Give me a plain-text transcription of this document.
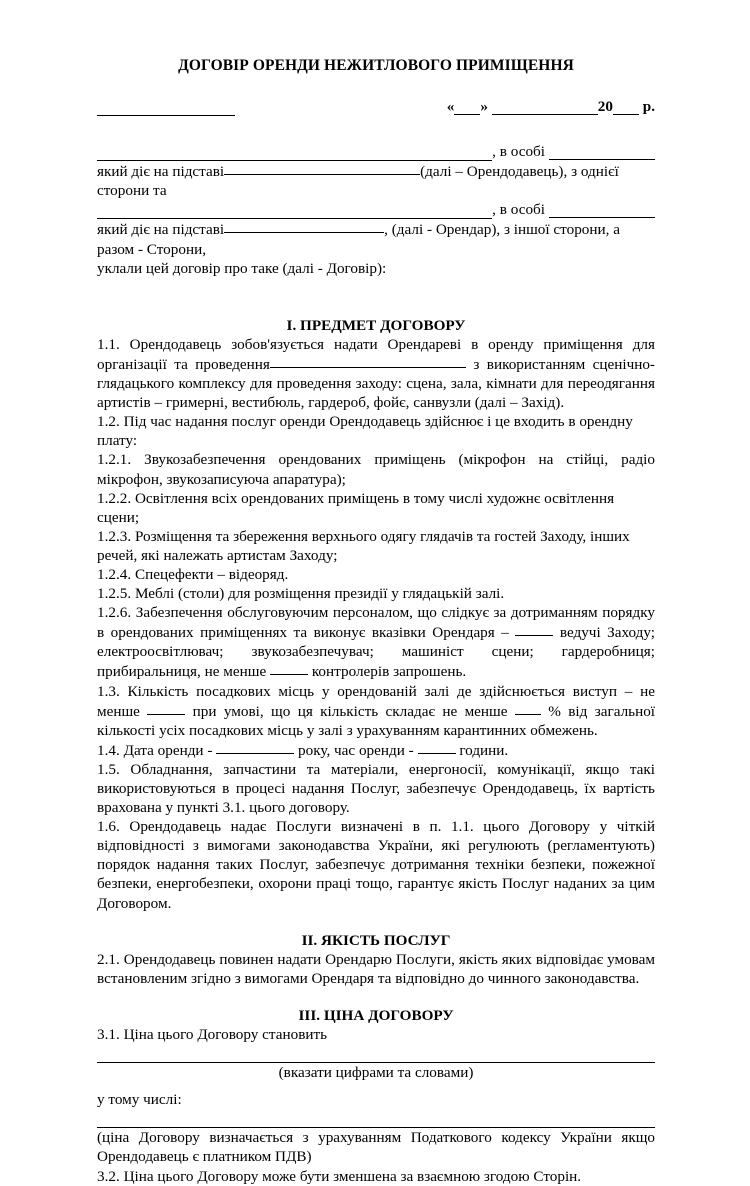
ДОГОВІР ОРЕНДИ НЕЖИТЛОВОГО ПРИМІЩЕННЯ
« »
	20
р.
, в особі
який діє на підставі	(далі – Орендодавець), з однієї сторони та
, в особі
який діє на підставі	, (далі - Орендар), з іншої сторони, а разом - Сторони,
уклали цей договір про таке (далі - Договір):
I. ПРЕДМЕТ ДОГОВОРУ
1.1. Орендодавець зобов'язується надати Орендареві в оренду приміщення для організації та проведення	з використанням сценічно-глядацького комплексу для проведення заходу: сцена, зала, кімнати для переодягання артистів – гримерні, вестибюль, гардероб, фойє, санвузли (далі – Захід).
1.2. Під час надання послуг оренди Орендодавець здійснює і це входить в орендну плату:
1.2.1. Звукозабезпечення орендованих приміщень (мікрофон на стійці, радіо мікрофон, звукозаписуюча апаратура);
1.2.2. Освітлення всіх орендованих приміщень в тому числі художнє освітлення сцени;
1.2.3. Розміщення та збереження верхнього одягу глядачів та гостей Заходу, інших речей, які належать артистам Заходу;
1.2.4. Спецефекти – відеоряд.
1.2.5. Меблі (столи) для розміщення президії у глядацькій залі.
1.2.6. Забезпечення обслуговуючим персоналом, що слідкує за дотриманням порядку в орендованих приміщеннях та виконує вказівки Орендаря –	ведучі Заходу; електроосвітлювач; звукозабезпечувач; машиніст сцени; гардеробниця; прибиральниця, не менше	контролерів запрошень.
1.3. Кількість посадкових місць у орендованій залі де здійснюється виступ – не менше	при умові, що ця кількість складає не менше	% від загальної кількості усіх посадкових місць у залі з урахуванням карантинних обмежень.
1.4. Дата оренди -	року, час оренди -	години.
1.5. Обладнання, запчастини та матеріали, енергоносії, комунікації, якщо такі використовуються в процесі надання Послуг, забезпечує Орендодавець, їх вартість врахована у пункті 3.1. цього договору.
1.6. Орендодавець надає Послуги визначені в п. 1.1. цього Договору у чіткій відповідності з вимогами законодавства України, які регулюють (регламентують) порядок надання таких Послуг, забезпечує дотримання техніки безпеки, пожежної безпеки, енергобезпеки, охорони праці тощо, гарантує якість Послуг наданих за цим Договором.
II. ЯКІСТЬ ПОСЛУГ
2.1. Орендодавець повинен надати Орендарю Послуги, якість яких відповідає умовам встановленим згідно з вимогами Орендаря та відповідно до чинного законодавства.
III. ЦІНА ДОГОВОРУ
3.1. Ціна цього Договору становить
(вказати цифрами та словами)
у тому числі:
(ціна Договору визначається з урахуванням Податкового кодексу України якщо Орендодавець є платником ПДВ)
3.2. Ціна цього Договору може бути зменшена за взаємною згодою Сторін.
